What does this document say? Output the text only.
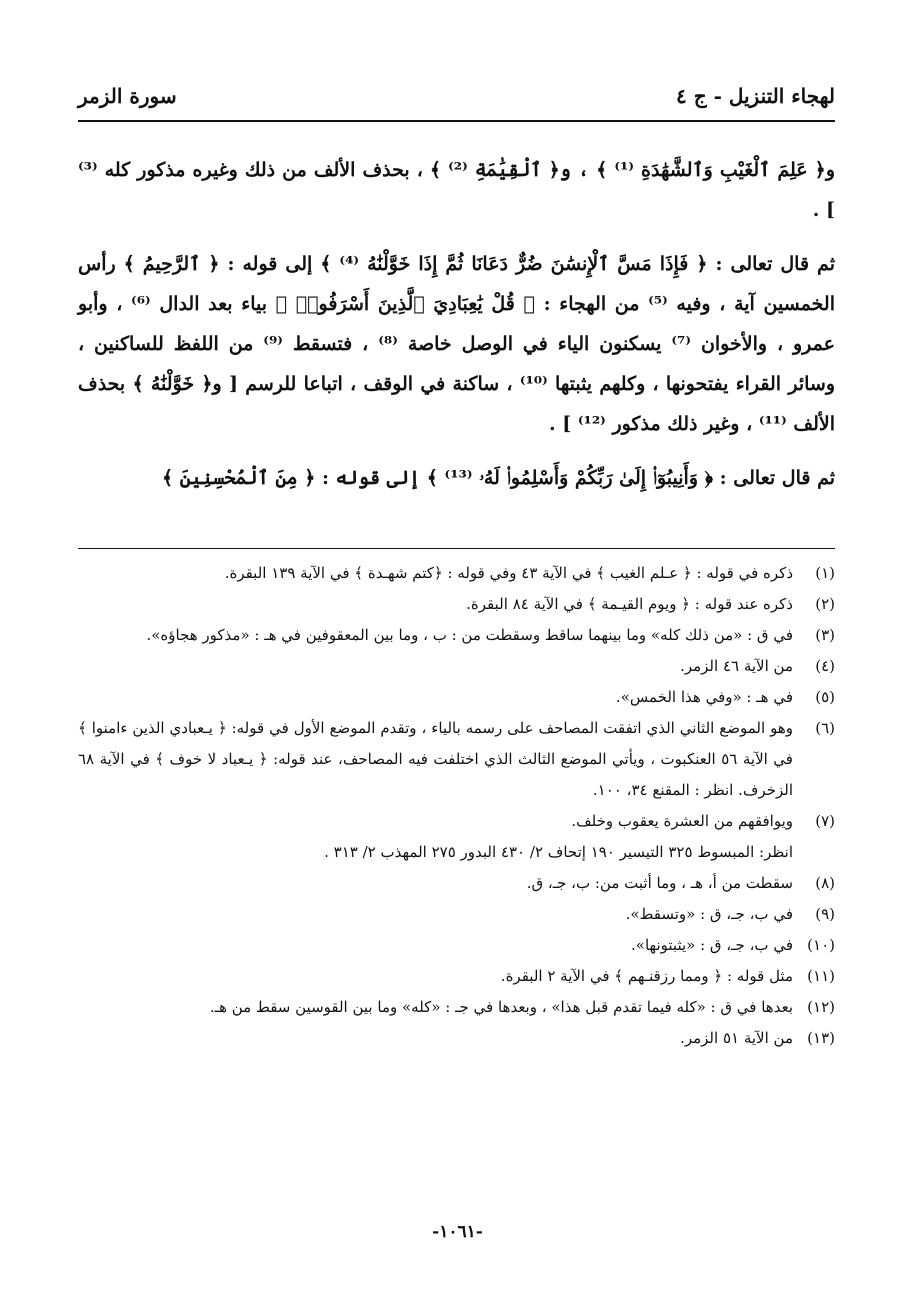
لهجاء التنزيل - ج ٤
سورة الزمر

و﴿ عَلِمَ ٱلْغَيْبِ وَٱلشَّهَٰدَةِ ⁽¹⁾ ﴾ ، و﴿ ٱلْقِيَٰمَةِ ⁽²⁾ ﴾ ، بحذف الألف من ذلك وغيره مذكور كله ⁽³⁾ ] .

ثم قال تعالى : ﴿ فَإِذَا مَسَّ ٱلْإِنسَٰنَ ضُرٌّ دَعَانَا ثُمَّ إِذَا خَوَّلْنَٰهُ ⁽⁴⁾ ﴾ إلى قوله : ﴿ ٱلرَّحِيمُ ﴾ رأس الخمسين آية ، وفيه ⁽⁵⁾ من الهجاء : ﴿ قُلْ يَٰعِبَادِيَ ٱلَّذِينَ أَسْرَفُوا۟ ﴾ بياء بعد الدال ⁽⁶⁾ ، وأبو عمرو ، والأخوان ⁽⁷⁾ يسكنون الياء في الوصل خاصة ⁽⁸⁾ ، فتسقط ⁽⁹⁾ من اللفظ للساكنين ، وسائر القراء يفتحونها ، وكلهم يثبتها ⁽¹⁰⁾ ، ساكنة في الوقف ، اتباعا للرسم [ و﴿ خَوَّلْنَٰهُ ﴾ بحذف الألف ⁽¹¹⁾ ، وغير ذلك مذكور ⁽¹²⁾ ] .

ثم قال تعالى : ﴿ وَأَنِيبُوٓا۟ إِلَىٰ رَبِّكُمْ وَأَسْلِمُوا۟ لَهُۥ ⁽¹³⁾ ﴾ إلى قوله : ﴿ مِنَ ٱلْمُحْسِنِينَ ﴾

(١)
ذكره في قوله : ﴿ عـلم الغيب ﴾ في الآية ٤٣ وفي قوله : ﴿كتم شهـدة ﴾ في الآية ١٣٩ البقرة.
(٢)
ذكره عند قوله : ﴿ ويوم القيـمة ﴾ في الآية ٨٤ البقرة.
(٣)
في ق : «من ذلك كله» وما بينهما ساقط وسقطت من : ب ، وما بين المعقوفين في هـ : «مذكور هجاؤه».
(٤)
من الآية ٤٦ الزمر.
(٥)
في هـ : «وفي هذا الخمس».
(٦)
وهو الموضع الثاني الذي اتفقت المصاحف على رسمه بالياء ، وتقدم الموضع الأول في قوله: ﴿ يـعبادي الذين ءامنوا ﴾ في الآية ٥٦ العنكبوت ، ويأتي الموضع الثالث الذي اختلفت فيه المصاحف، عند قوله: ﴿ يـعباد لا خوف ﴾ في الآية ٦٨ الزخرف. انظر : المقنع ٣٤، ١٠٠.
(٧)
ويوافقهم من العشرة يعقوب وخلف.
انظر: المبسوط ٣٢٥ التيسير ١٩٠ إتحاف ٢/ ٤٣٠ البدور ٢٧٥ المهذب ٢/ ٣١٣ .
(٨)
سقطت من أ، هـ ، وما أثبت من: ب، جـ، ق.
(٩)
في ب، جـ، ق : «وتسقط».
(١٠)
في ب، جـ، ق : «يثبتونها».
(١١)
مثل قوله : ﴿ ومما رزقنـهم ﴾ في الآية ٢ البقرة.
(١٢)
بعدها في ق : «كله فيما تقدم قبل هذا» ، وبعدها في جـ : «كله» وما بين القوسين سقط من هـ.
(١٣)
من الآية ٥١ الزمر.
-١٠٦١-
